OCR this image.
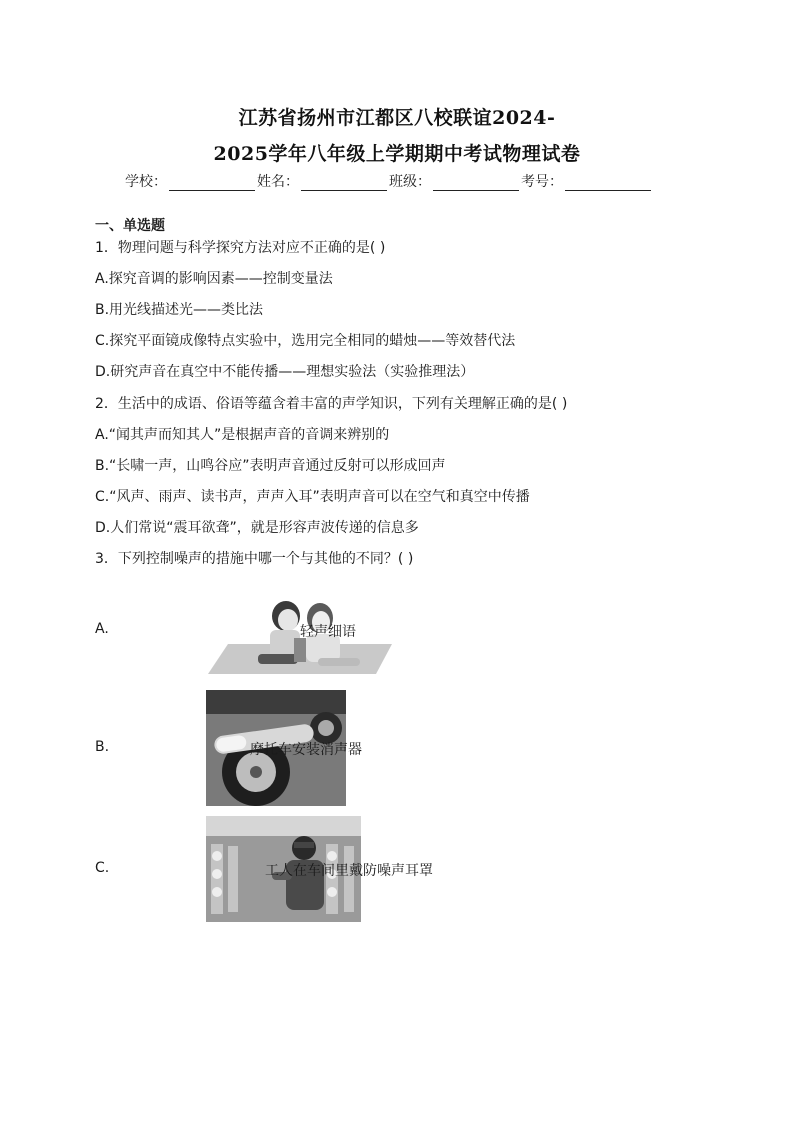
江苏省扬州市江都区八校联谊2024-
2025学年八年级上学期期中考试物理试卷
学校：	姓名：	班级：	考号：
一、单选题
1．物理问题与科学探究方法对应不正确的是( )
A.探究音调的影响因素——控制变量法
B.用光线描述光——类比法
C.探究平面镜成像特点实验中，选用完全相同的蜡烛——等效替代法
D.研究声音在真空中不能传播——理想实验法（实验推理法）
2．生活中的成语、俗语等蕴含着丰富的声学知识，下列有关理解正确的是( )
A.“闻其声而知其人”是根据声音的音调来辨别的
B.“长啸一声，山鸣谷应”表明声音通过反射可以形成回声
C.“风声、雨声、读书声，声声入耳”表明声音可以在空气和真空中传播
D.人们常说“震耳欲聋”，就是形容声波传递的信息多
3．下列控制噪声的措施中哪一个与其他的不同？( )
A.	轻声细语
B.	摩托车安装消声器
C.	工人在车间里戴防噪声耳罩
